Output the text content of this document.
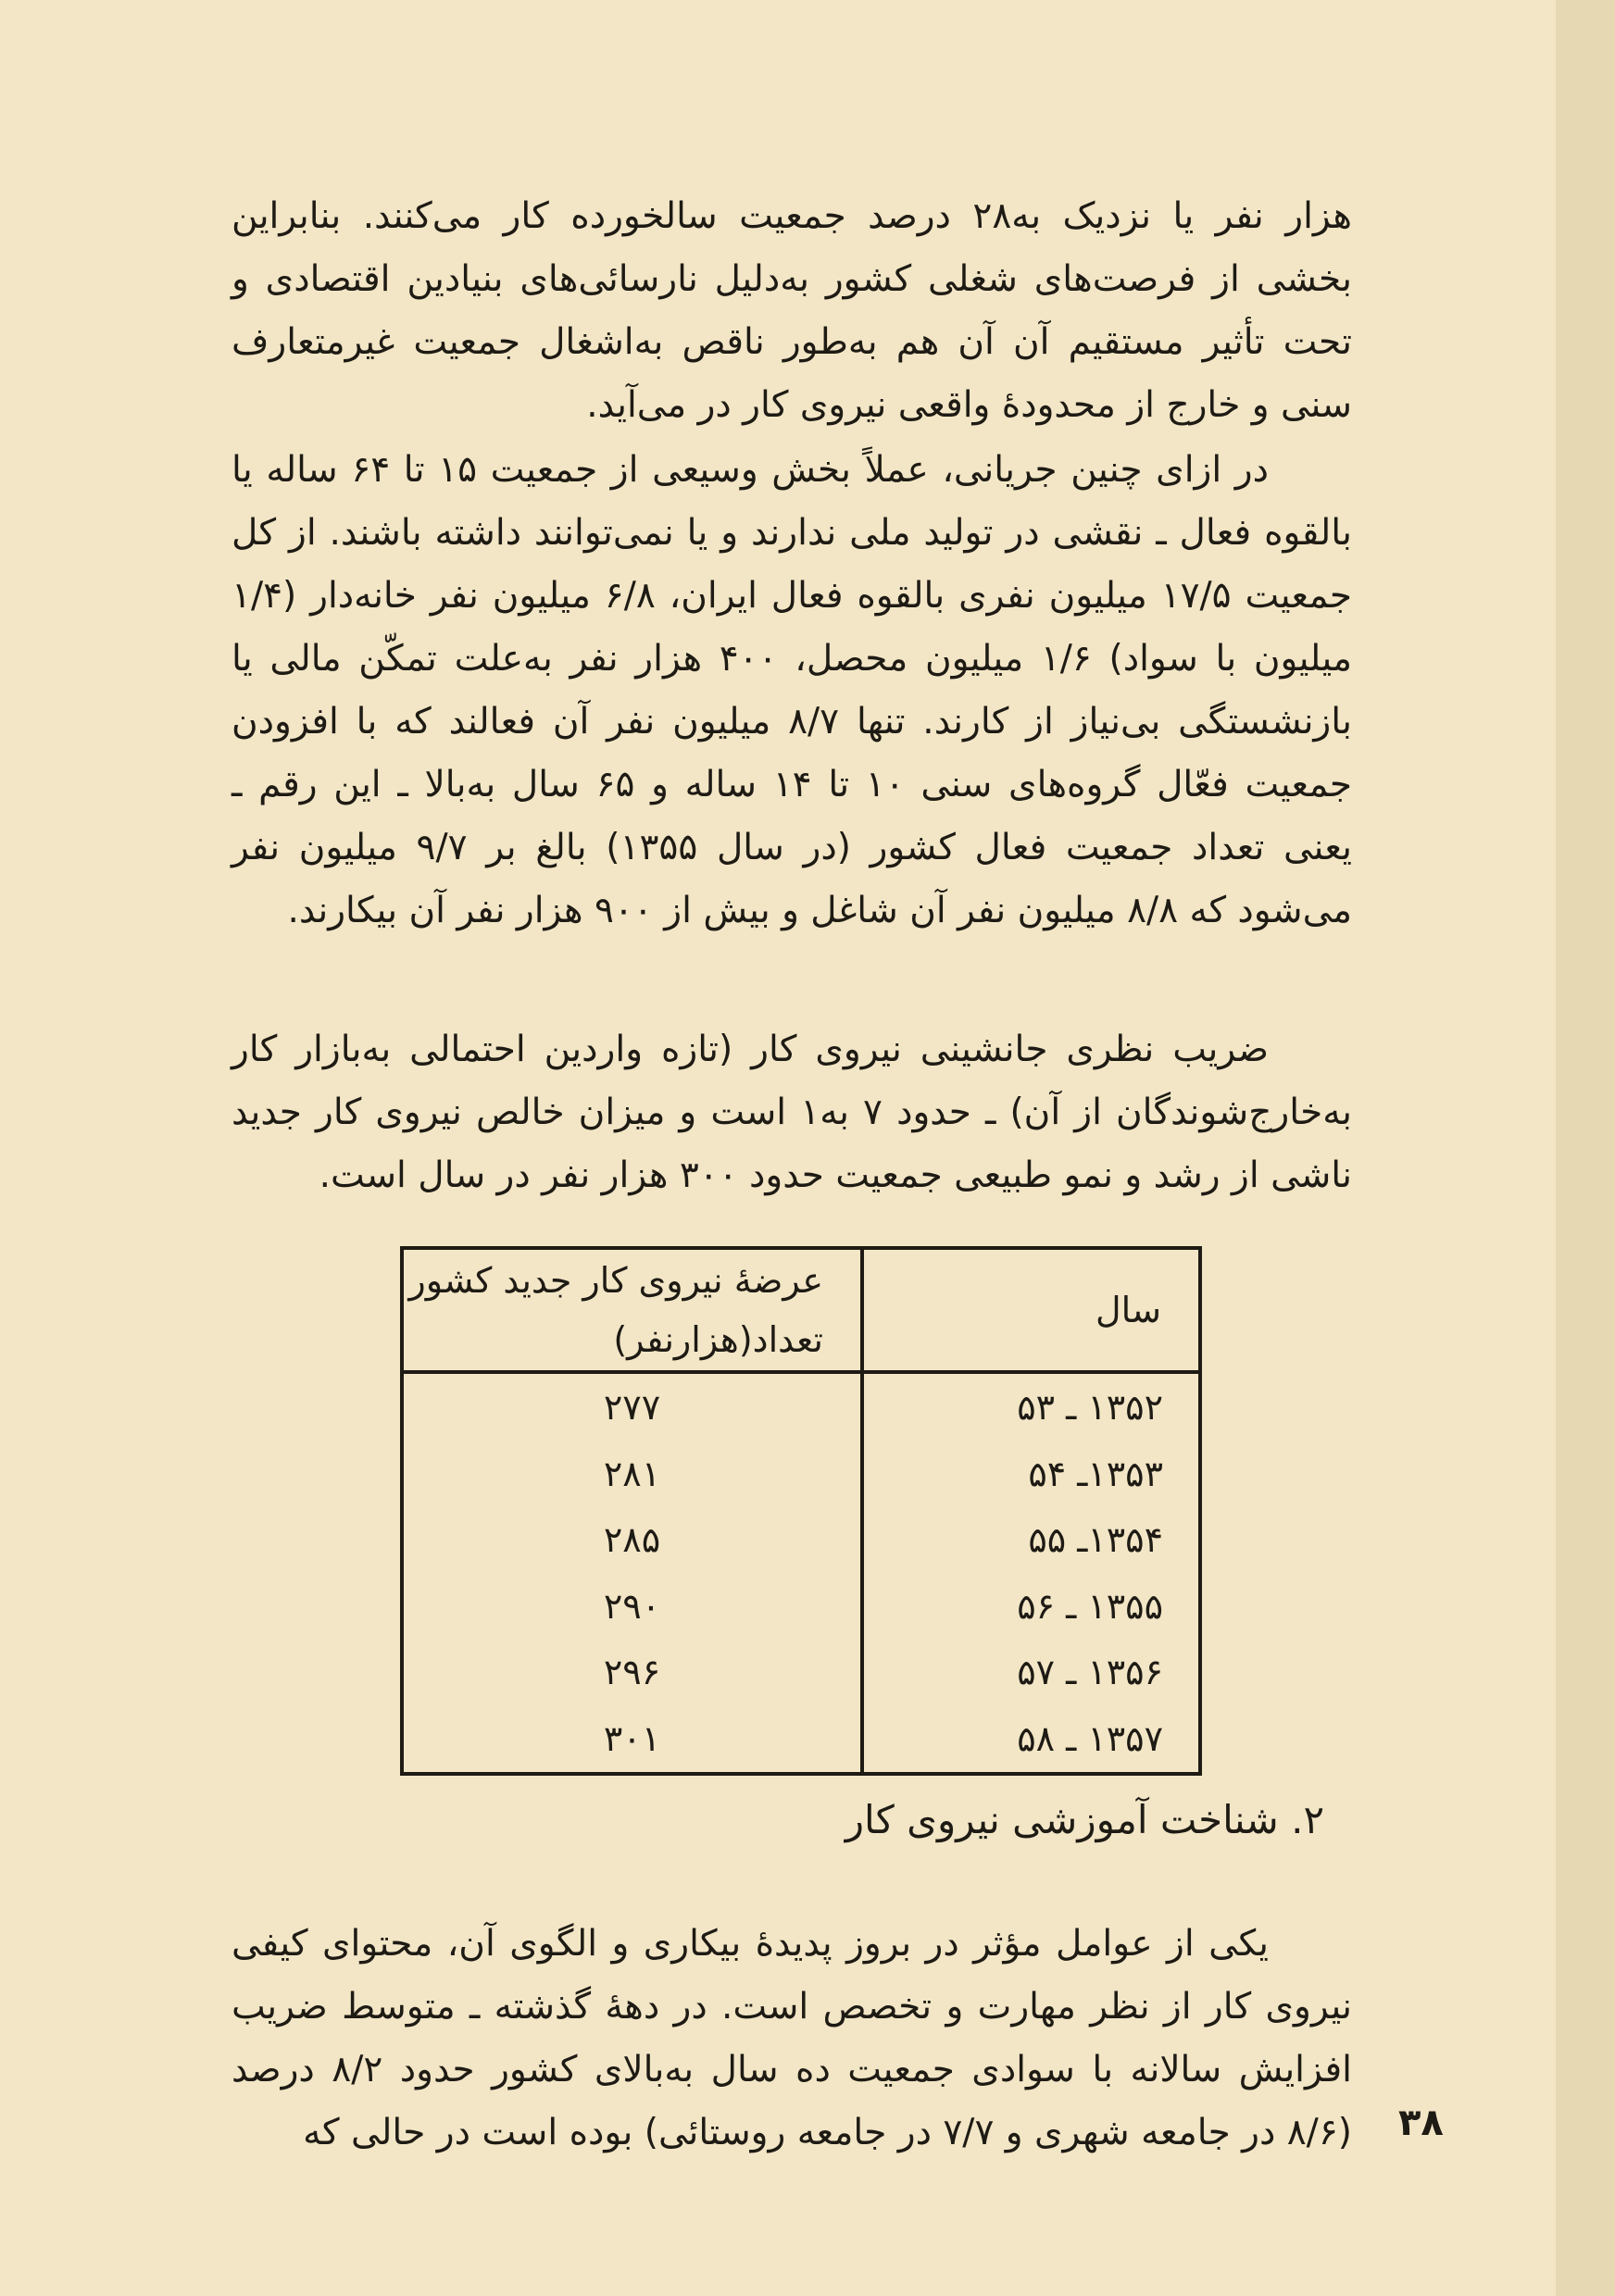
هزار نفر یا نزدیک به۲۸ درصد جمعیت سالخورده کار می‌کنند. بنابراین بخشی از فرصت‌های شغلی کشور به‌دلیل نارسائی‌های بنیادین اقتصادی و تحت تأثیر مستقیم آن آن هم به‌طور ناقص به‌اشغال جمعیت غیرمتعارف سنی و خارج از محدودهٔ واقعی نیروی کار در می‌آید.

در ازای چنین جریانی، عملاً بخش وسیعی از جمعیت ۱۵ تا ۶۴ ساله یا بالقوه فعال ـ نقشی در تولید ملی ندارند و یا نمی‌توانند داشته باشند. از کل جمعیت ۱۷/۵ میلیون نفری بالقوه فعال ایران، ۶/۸ میلیون نفر خانه‌دار (۱/۴ میلیون با سواد) ۱/۶ میلیون محصل، ۴۰۰ هزار نفر به‌علت تمکّن مالی یا بازنشستگی بی‌نیاز از کارند. تنها ۸/۷ میلیون نفر آن فعالند که با افزودن جمعیت فعّال گروه‌های سنی ۱۰ تا ۱۴ ساله و ۶۵ سال به‌بالا ـ این رقم ـ یعنی تعداد جمعیت فعال کشور (در سال ۱۳۵۵) بالغ بر ۹/۷ میلیون نفر می‌شود که ۸/۸ میلیون نفر آن شاغل و بیش از ۹۰۰ هزار نفر آن بیکارند.

ضریب نظری جانشینی نیروی کار (تازه واردین احتمالی به‌بازار کار به‌خارج‌شوندگان از آن) ـ حدود ۷ به۱ است و میزان خالص نیروی کار جدید ناشی از رشد و نمو طبیعی جمعیت حدود ۳۰۰ هزار نفر در سال است.

سال	عرضهٔ نیروی کار جدید کشور
تعداد(هزارنفر)

۱۳۵۲ ـ ۵۳	۲۷۷
۱۳۵۳ـ ۵۴	۲۸۱
۱۳۵۴ـ ۵۵	۲۸۵
۱۳۵۵ ـ ۵۶	۲۹۰
۱۳۵۶ ـ ۵۷	۲۹۶
۱۳۵۷ ـ ۵۸	۳۰۱
۲. شناخت آموزشی نیروی کار

یکی از عوامل مؤثر در بروز پدیدهٔ بیکاری و الگوی آن، محتوای کیفی نیروی کار از نظر مهارت و تخصص است. در دههٔ گذشته ـ متوسط ضریب افزایش سالانه با سوادی جمعیت ده سال به‌بالای کشور حدود ۸/۲ درصد (۸/۶ در جامعه شهری و ۷/۷ در جامعه روستائی) بوده است در حالی که ۳۸
